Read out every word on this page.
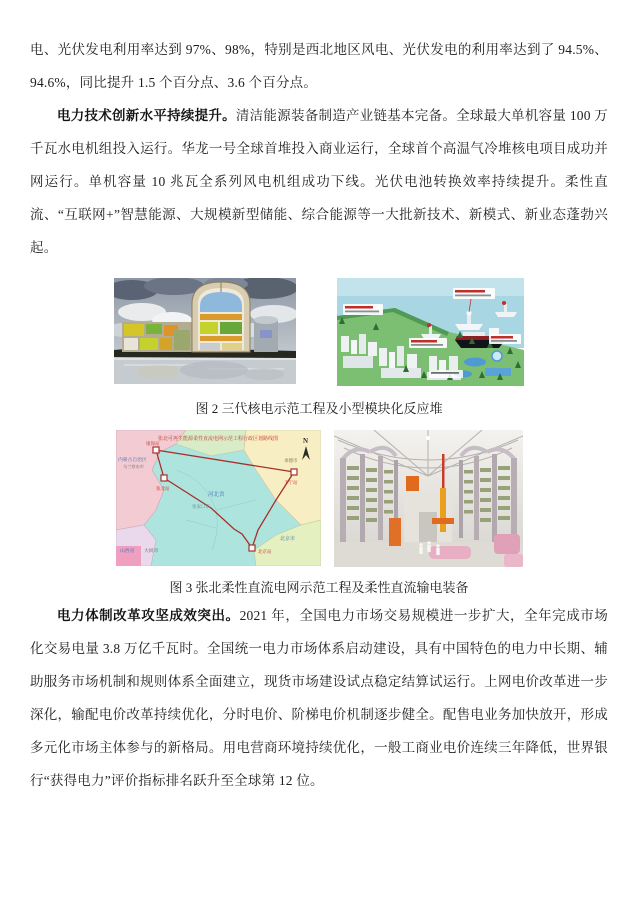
电、光伏发电利用率达到 97%、98%，特别是西北地区风电、光伏发电的利用率达到了 94.5%、94.6%，同比提升 1.5 个百分点、3.6 个百分点。

电力技术创新水平持续提升。清洁能源装备制造产业链基本完备。全球最大单机容量 100 万千瓦水电机组投入运行。华龙一号全球首堆投入商业运行，全球首个高温气冷堆核电项目成功并网运行。单机容量 10 兆瓦全系列风电机组成功下线。光伏电池转换效率持续提升。柔性直流、“互联网+”智慧能源、大规模新型储能、综合能源等一大批新技术、新模式、新业态蓬勃兴起。

图 2 三代核电示范工程及小型模块化反应堆
张北可再生能源柔性直流电网示范工程行政区划路线图
康保站
张北站
丰宁站
北京站
内蒙古自治区
乌兰察布市
河北省
张家口市
承德市
北京市
山西省 大同市
N
图 3 张北柔性直流电网示范工程及柔性直流输电装备

电力体制改革攻坚成效突出。2021 年，全国电力市场交易规模进一步扩大，全年完成市场化交易电量 3.8 万亿千瓦时。全国统一电力市场体系启动建设，具有中国特色的电力中长期、辅助服务市场机制和规则体系全面建立，现货市场建设试点稳定结算试运行。上网电价改革进一步深化，输配电价改革持续优化，分时电价、阶梯电价机制逐步健全。配售电业务加快放开，形成多元化市场主体参与的新格局。用电营商环境持续优化，一般工商业电价连续三年降低，世界银行“获得电力”评价指标排名跃升至全球第 12 位。
